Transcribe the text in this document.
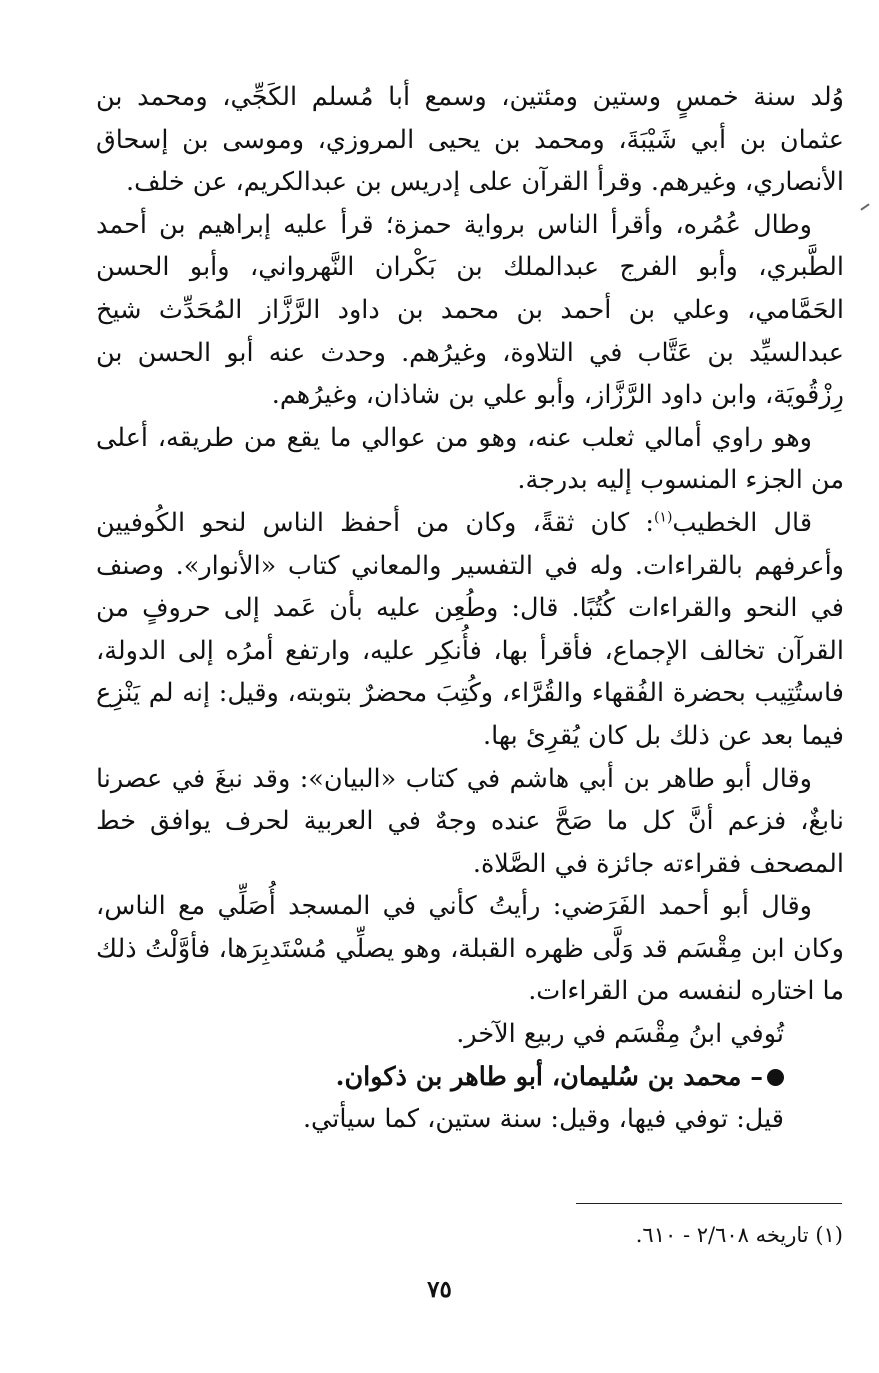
وُلد سنة خمسٍ وستين ومئتين، وسمع أبا مُسلم الكَجِّي، ومحمد بن عثمان بن أبي شَيْبَةَ، ومحمد بن يحيى المروزي، وموسى بن إسحاق الأنصاري، وغيرهم. وقرأ القرآن على إدريس بن عبدالكريم، عن خلف.

وطال عُمُره، وأقرأ الناس برواية حمزة؛ قرأ عليه إبراهيم بن أحمد الطَّبري، وأبو الفرج عبدالملك بن بَكْران النَّهرواني، وأبو الحسن الحَمَّامي، وعلي بن أحمد بن محمد بن داود الرَّزَّاز المُحَدِّث شيخ عبدالسيِّد بن عَتَّاب في التلاوة، وغيرُهم. وحدث عنه أبو الحسن بن رِزْقُويَة، وابن داود الرَّزَّاز، وأبو علي بن شاذان، وغيرُهم.

وهو راوي أمالي ثعلب عنه، وهو من عوالي ما يقع من طريقه، أعلى من الجزء المنسوب إليه بدرجة.

قال الخطيب$^{(١)}$: كان ثقةً، وكان من أحفظ الناس لنحو الكُوفيين وأعرفهم بالقراءات. وله في التفسير والمعاني كتاب «الأنوار». وصنف في النحو والقراءات كُتُبًا. قال: وطُعِن عليه بأن عَمد إلى حروفٍ من القرآن تخالف الإجماع، فأقرأ بها، فأُنكِر عليه، وارتفع أمرُه إلى الدولة، فاستُتِيب بحضرة الفُقهاء والقُرَّاء، وكُتِبَ محضرٌ بتوبته، وقيل: إنه لم يَنْزِع فيما بعد عن ذلك بل كان يُقرِئ بها.

وقال أبو طاهر بن أبي هاشم في كتاب «البيان»: وقد نبغَ في عصرنا نابغٌ، فزعم أنَّ كل ما صَحَّ عنده وجهٌ في العربية لحرف يوافق خط المصحف فقراءته جائزة في الصَّلاة.

وقال أبو أحمد الفَرَضي: رأيتُ كأني في المسجد أُصَلِّي مع الناس، وكان ابن مِقْسَم قد وَلَّى ظهره القبلة، وهو يصلِّي مُسْتَدبِرَها، فأوَّلْتُ ذلك ما اختاره لنفسه من القراءات.

تُوفي ابنُ مِقْسَم في ربيع الآخر.

– محمد بن سُليمان، أبو طاهر بن ذكوان.

قيل: توفي فيها، وقيل: سنة ستين، كما سيأتي.

(١) تاريخه ٢/٦٠٨ - ٦١٠.
٧٥
